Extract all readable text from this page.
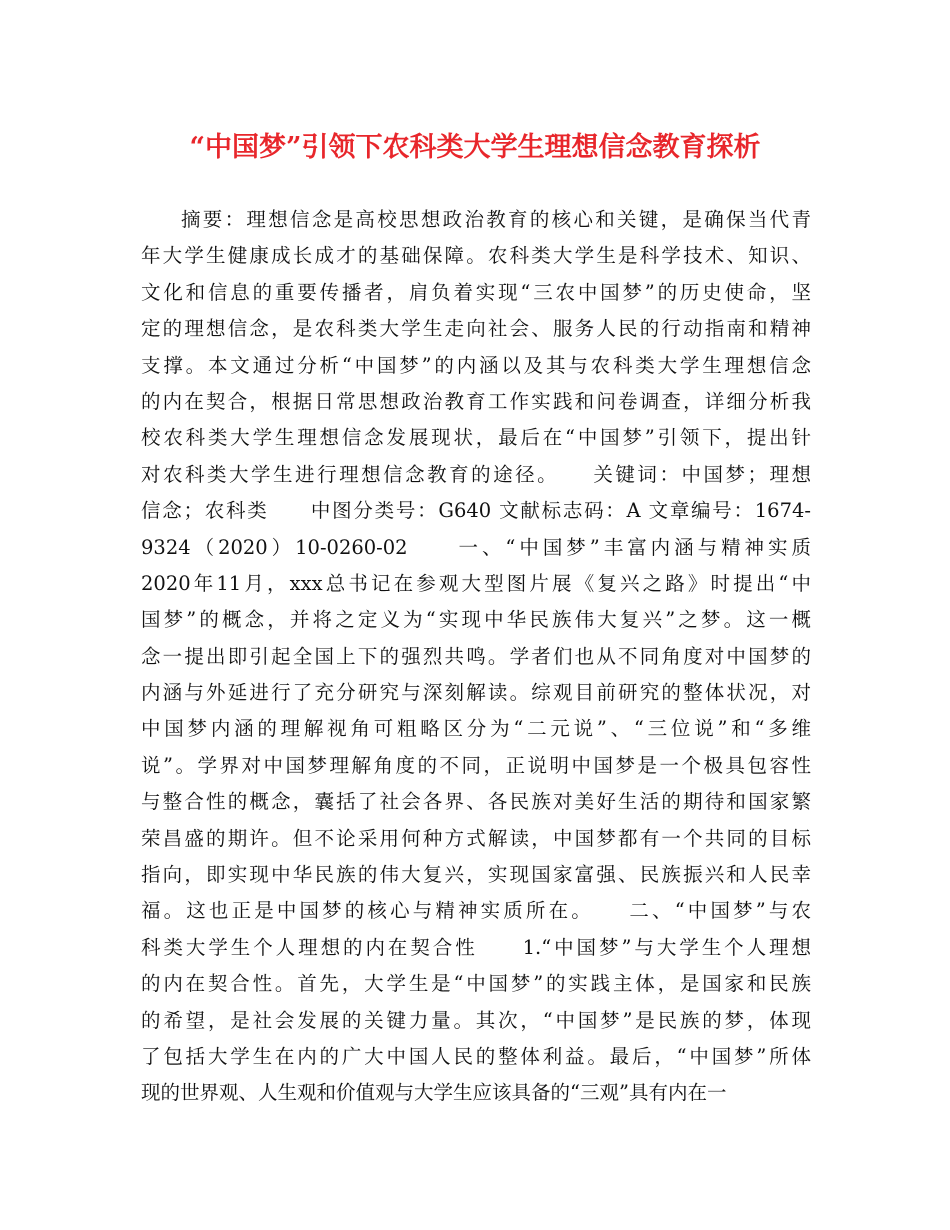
“中国梦”引领下农科类大学生理想信念教育探析
摘要：理想信念是高校思想政治教育的核心和关键，是确保当代青
年大学生健康成长成才的基础保障。农科类大学生是科学技术、知识、
文化和信息的重要传播者，肩负着实现“三农中国梦”的历史使命，坚
定的理想信念，是农科类大学生走向社会、服务人民的行动指南和精神
支撑。本文通过分析“中国梦”的内涵以及其与农科类大学生理想信念
的内在契合，根据日常思想政治教育工作实践和问卷调查，详细分析我
校农科类大学生理想信念发展现状，最后在“中国梦”引领下，提出针
对农科类大学生进行理想信念教育的途径。　　关键词：中国梦；理想
信念；农科类　　中图分类号：G640 文献标志码：A 文章编号：1674-
9324（2020）10-0260-02　　一、“中国梦”丰富内涵与精神实质
2020年11月，xxx总书记在参观大型图片展《复兴之路》时提出“中
国梦”的概念，并将之定义为“实现中华民族伟大复兴”之梦。这一概
念一提出即引起全国上下的强烈共鸣。学者们也从不同角度对中国梦的
内涵与外延进行了充分研究与深刻解读。综观目前研究的整体状况，对
中国梦内涵的理解视角可粗略区分为“二元说”、“三位说”和“多维
说”。学界对中国梦理解角度的不同，正说明中国梦是一个极具包容性
与整合性的概念，囊括了社会各界、各民族对美好生活的期待和国家繁
荣昌盛的期许。但不论采用何种方式解读，中国梦都有一个共同的目标
指向，即实现中华民族的伟大复兴，实现国家富强、民族振兴和人民幸
福。这也正是中国梦的核心与精神实质所在。　　二、“中国梦”与农
科类大学生个人理想的内在契合性　　1.“中国梦”与大学生个人理想
的内在契合性。首先，大学生是“中国梦”的实践主体，是国家和民族
的希望，是社会发展的关键力量。其次，“中国梦”是民族的梦，体现
了包括大学生在内的广大中国人民的整体利益。最后，“中国梦”所体
现的世界观、人生观和价值观与大学生应该具备的“三观”具有内在一
